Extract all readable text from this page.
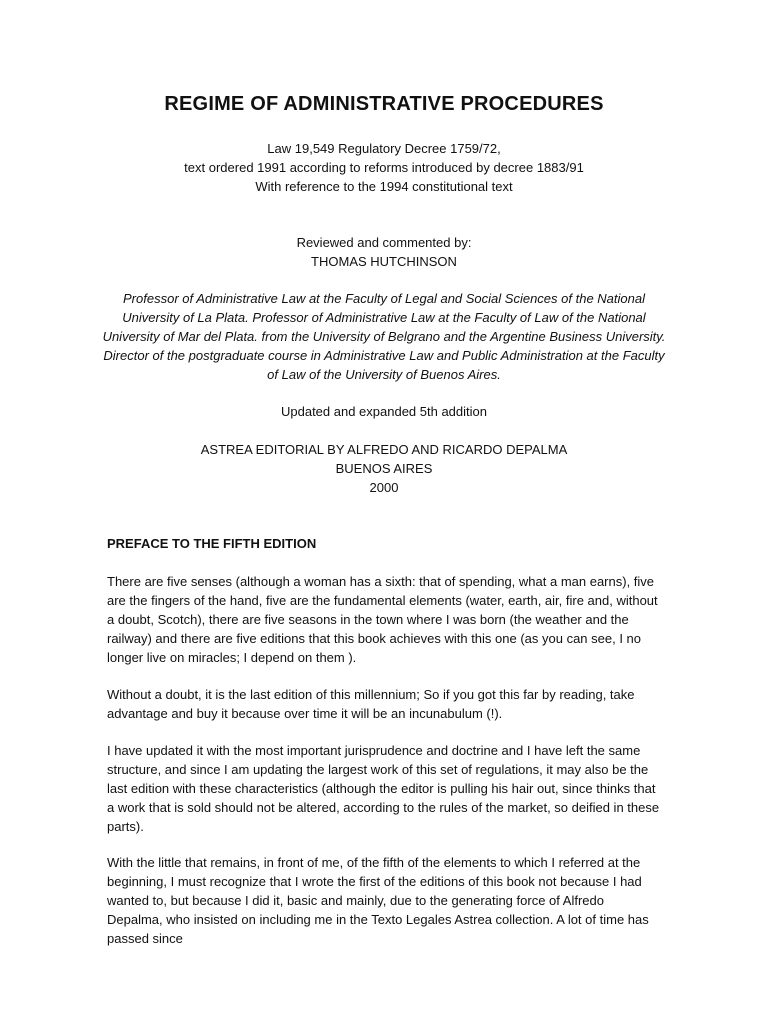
REGIME OF ADMINISTRATIVE PROCEDURES
Law 19,549 Regulatory Decree 1759/72,
text ordered 1991 according to reforms introduced by decree 1883/91
With reference to the 1994 constitutional text
Reviewed and commented by:
THOMAS HUTCHINSON
Professor of Administrative Law at the Faculty of Legal and Social Sciences of the National
University of La Plata. Professor of Administrative Law at the Faculty of Law of the National
University of Mar del Plata. from the University of Belgrano and the Argentine Business University.
Director of the postgraduate course in Administrative Law and Public Administration at the Faculty
of Law of the University of Buenos Aires.
Updated and expanded 5th addition
ASTREA EDITORIAL BY ALFREDO AND RICARDO DEPALMA
BUENOS AIRES
2000
PREFACE TO THE FIFTH EDITION

There are five senses (although a woman has a sixth: that of spending, what a man earns), five are the fingers of the hand, five are the fundamental elements (water, earth, air, fire and, without a doubt, Scotch), there are five seasons in the town where I was born (the weather and the railway) and there are five editions that this book achieves with this one (as you can see, I no longer live on miracles; I depend on them ).

Without a doubt, it is the last edition of this millennium; So if you got this far by reading, take advantage and buy it because over time it will be an incunabulum (!).

I have updated it with the most important jurisprudence and doctrine and I have left the same structure, and since I am updating the largest work of this set of regulations, it may also be the last edition with these characteristics (although the editor is pulling his hair out, since thinks that a work that is sold should not be altered, according to the rules of the market, so deified in these parts).

With the little that remains, in front of me, of the fifth of the elements to which I referred at the beginning, I must recognize that I wrote the first of the editions of this book not because I had wanted to, but because I did it, basic and mainly, due to the generating force of Alfredo Depalma, who insisted on including me in the Texto Legales Astrea collection. A lot of time has passed since
